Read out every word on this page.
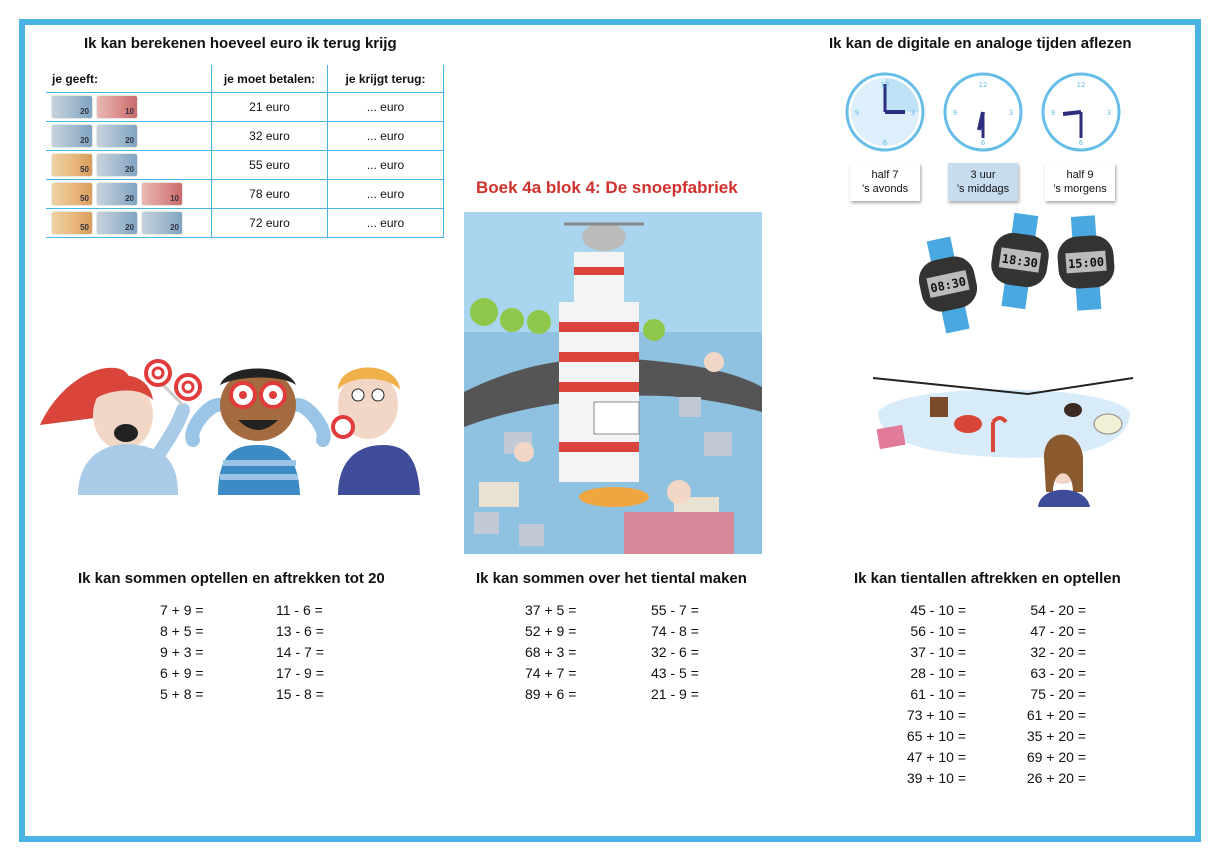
Ik kan berekenen hoeveel euro ik terug krijg
je geeft:	je moet betalen:	je krijgt terug:

20 10	21 euro	... euro

20 20	32 euro	... euro

50 20	55 euro	... euro

50 20 10	78 euro	... euro

50 20 20	72 euro	... euro
Boek 4a blok 4: De snoepfabriek
Ik kan de digitale en analoge tijden aflezen
12
3
6
9
12
3
6
9
12
3
6
9
half 7
’s avonds
3 uur
’s middags
half 9
’s morgens
08:30
18:30 15:00
Ik kan sommen optellen en aftrekken tot 20
7 + 9 =
8 + 5 =
9 + 3 =
6 + 9 =
5 + 8 =
11 - 6 =
13 - 6 =
14 - 7 =
17 - 9 =
15 - 8 =
Ik kan sommen over het tiental maken
37 + 5 =
52 + 9 =
68 + 3 =
74 + 7 =
89 + 6 =
55 - 7 =
74 - 8 =
32 - 6 =
43 - 5 =
21 - 9 =
Ik kan tientallen aftrekken en optellen
45 - 10 =
56 - 10 =
37 - 10 =
28 - 10 =
61 - 10 =
73 + 10 =
65 + 10 =
47 + 10 =
39 + 10 =
54 - 20 =
47 - 20 =
32 - 20 =
63 - 20 =
75 - 20 =
61 + 20 =
35 + 20 =
69 + 20 =
26 + 20 =
